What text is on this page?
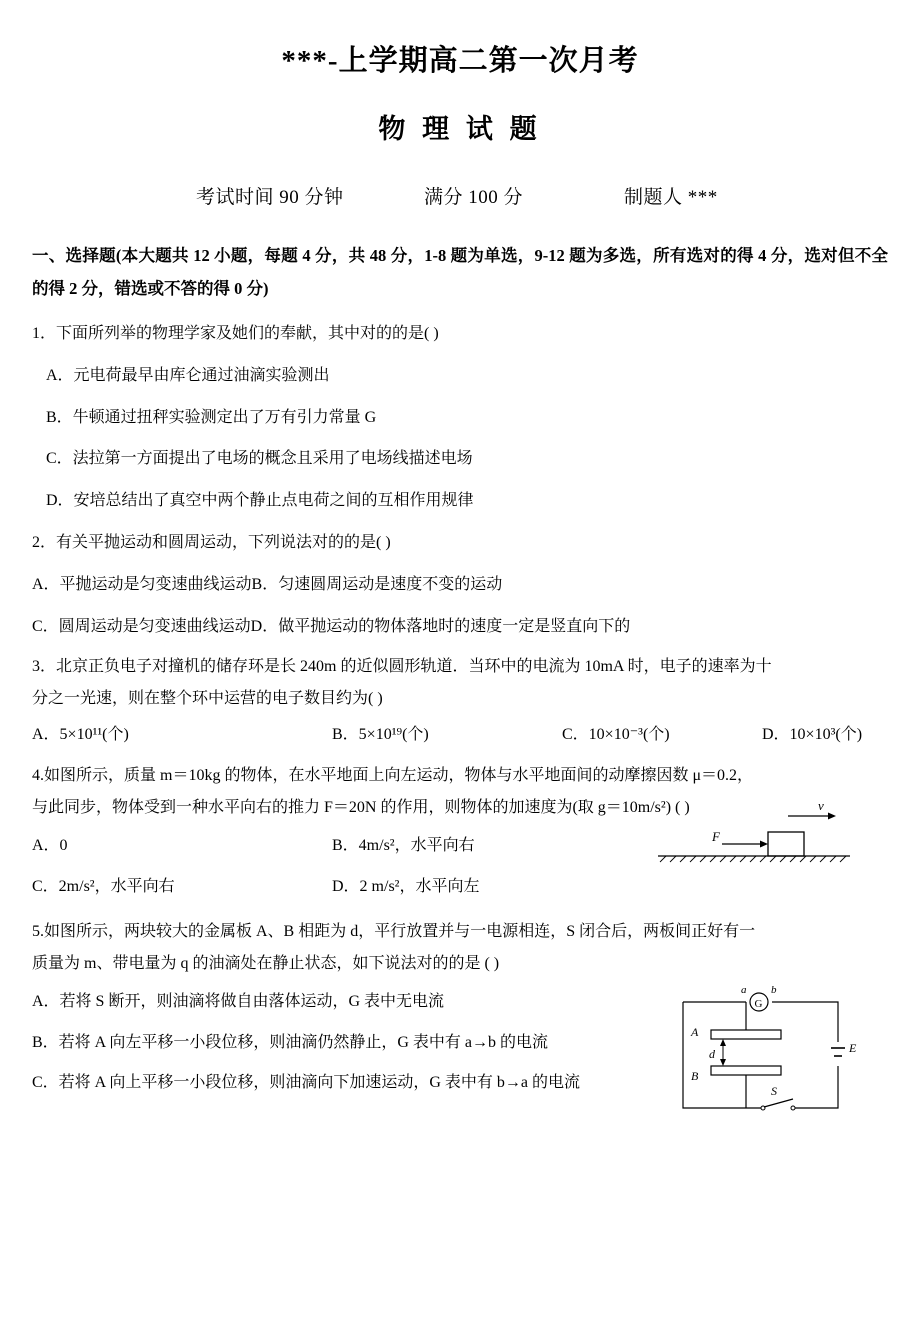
***-上学期高二第一次月考
物 理 试 题
考试时间 90 分钟	满分 100 分	制题人 ***
一、选择题(本大题共 12 小题，每题 4 分，共 48 分，1-8 题为单选，9-12 题为多选，所有选对的得 4 分，选对但不全的得 2 分，错选或不答的得 0 分)
1．下面所列举的物理学家及她们的奉献，其中对的的是( )
A．元电荷最早由库仑通过油滴实验测出
B．牛顿通过扭秤实验测定出了万有引力常量 G
C．法拉第一方面提出了电场的概念且采用了电场线描述电场
D．安培总结出了真空中两个静止点电荷之间的互相作用规律
2．有关平抛运动和圆周运动，下列说法对的的是( )
A．平抛运动是匀变速曲线运动B．匀速圆周运动是速度不变的运动
C．圆周运动是匀变速曲线运动D．做平抛运动的物体落地时的速度一定是竖直向下的
3．北京正负电子对撞机的储存环是长 240m 的近似圆形轨道．当环中的电流为 10mA 时，电子的速率为十
分之一光速，则在整个环中运营的电子数目约为( )
A．5×10¹¹(个)	B．5×10¹⁹(个)	C．10×10⁻³(个)	D．10×10³(个)
4.如图所示，质量 m＝10kg 的物体，在水平地面上向左运动，物体与水平地面间的动摩擦因数 μ＝0.2，
与此同步，物体受到一种水平向右的推力 F＝20N 的作用，则物体的加速度为(取 g＝10m/s²) ( )
A．0	B．4m/s²，水平向右
C．2m/s²，水平向右	D．2 m/s²，水平向左
F
v
5.如图所示，两块较大的金属板 A、B 相距为 d，平行放置并与一电源相连，S 闭合后，两板间正好有一
质量为 m、带电量为 q 的油滴处在静止状态，如下说法对的的是 ( )
A．若将 S 断开，则油滴将做自由落体运动，G 表中无电流
B．若将 A 向左平移一小段位移，则油滴仍然静止，G 表中有 a→b 的电流
C．若将 A 向上平移一小段位移，则油滴向下加速运动，G 表中有 b→a 的电流
G
a b
A
B
d	E
S
